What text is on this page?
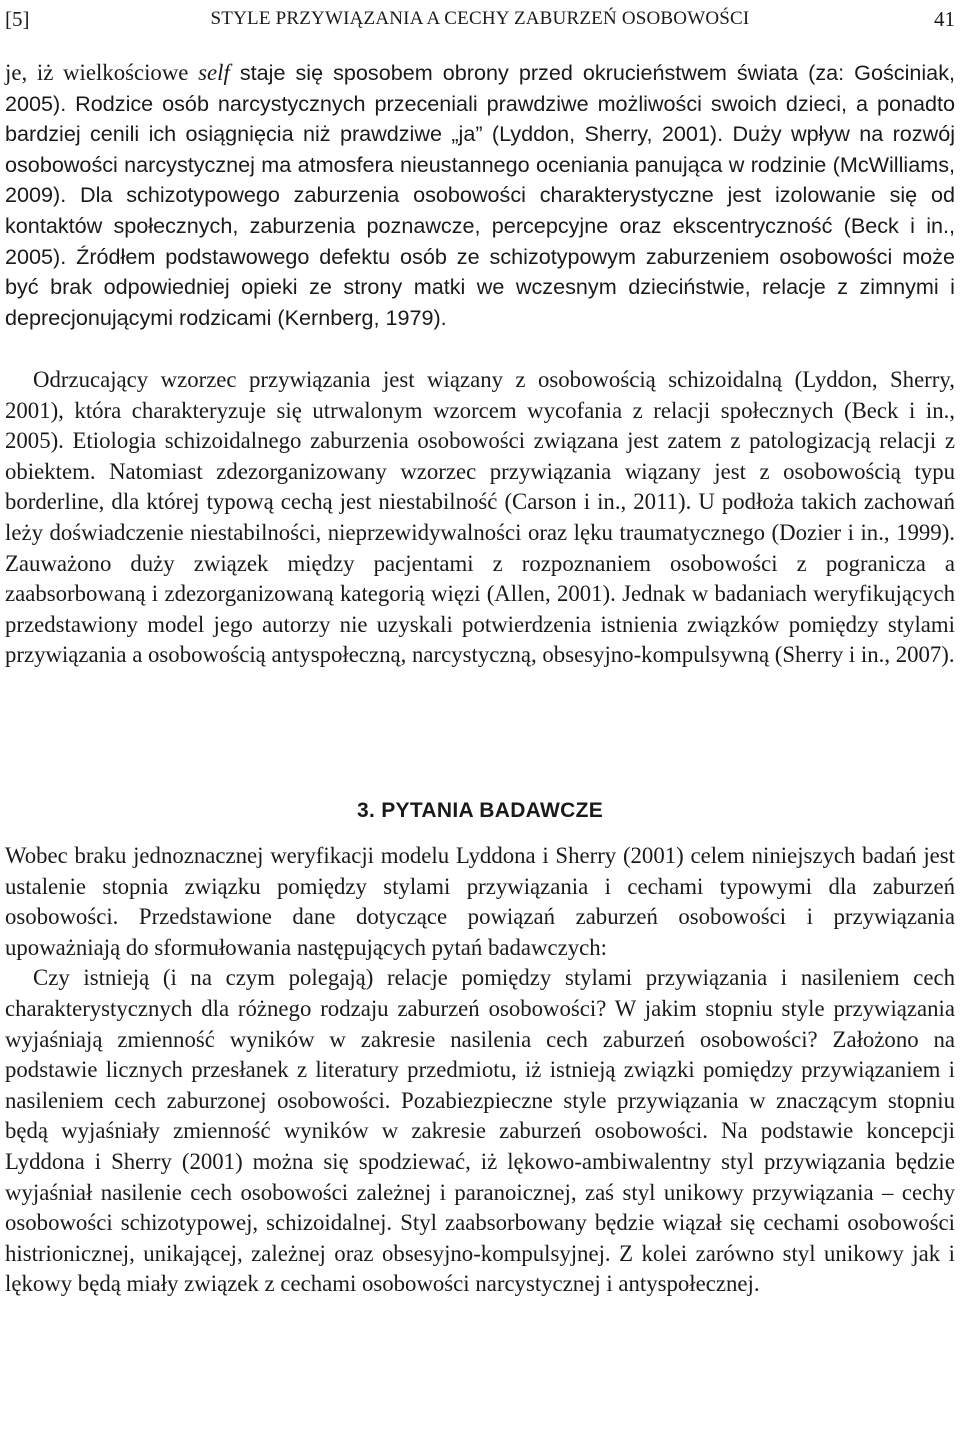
[5]	STYLE PRZYWIĄZANIA A CECHY ZABURZEŃ OSOBOWOŚCI	41

je, iż wielkościowe self staje się sposobem obrony przed okrucieństwem świata (za: Gościniak, 2005). Rodzice osób narcystycznych przeceniali prawdziwe możliwości swoich dzieci, a ponadto bardziej cenili ich osiągnięcia niż prawdziwe „ja” (Lyddon, Sherry, 2001). Duży wpływ na rozwój osobowości narcystycznej ma atmosfera nieustannego oceniania panująca w rodzinie (McWilliams, 2009). Dla schizotypowego zaburzenia osobowości charakterystyczne jest izolowanie się od kontaktów społecznych, zaburzenia poznawcze, percepcyjne oraz ekscentryczność (Beck i in., 2005). Źródłem podstawowego defektu osób ze schizotypowym zaburzeniem osobowości może być brak odpowiedniej opieki ze strony matki we wczesnym dzieciństwie, relacje z zimnymi i deprecjonującymi rodzicami (Kernberg, 1979).

Odrzucający wzorzec przywiązania jest wiązany z osobowością schizoidalną (Lyddon, Sherry, 2001), która charakteryzuje się utrwalonym wzorcem wycofania z relacji społecznych (Beck i in., 2005). Etiologia schizoidalnego zaburzenia osobowości związana jest zatem z patologizacją relacji z obiektem. Natomiast zdezorganizowany wzorzec przywiązania wiązany jest z osobowością typu borderline, dla której typową cechą jest niestabilność (Carson i in., 2011). U podłoża takich zachowań leży doświadczenie niestabilności, nieprzewidywalności oraz lęku traumatycznego (Dozier i in., 1999). Zauważono duży związek między pacjentami z rozpoznaniem osobowości z pogranicza a zaabsorbowaną i zdezorganizowaną kategorią więzi (Allen, 2001). Jednak w badaniach weryfikujących przedstawiony model jego autorzy nie uzyskali potwierdzenia istnienia związków pomiędzy stylami przywiązania a osobowością antyspołeczną, narcystyczną, obsesyjno-kompulsywną (Sherry i in., 2007).

3. PYTANIA BADAWCZE

Wobec braku jednoznacznej weryfikacji modelu Lyddona i Sherry (2001) celem niniejszych badań jest ustalenie stopnia związku pomiędzy stylami przywiązania i cechami typowymi dla zaburzeń osobowości. Przedstawione dane dotyczące powiązań zaburzeń osobowości i przywiązania upoważniają do sformułowania następujących pytań badawczych:

Czy istnieją (i na czym polegają) relacje pomiędzy stylami przywiązania i nasileniem cech charakterystycznych dla różnego rodzaju zaburzeń osobowości? W jakim stopniu style przywiązania wyjaśniają zmienność wyników w zakresie nasilenia cech zaburzeń osobowości? Założono na podstawie licznych przesłanek z literatury przedmiotu, iż istnieją związki pomiędzy przywiązaniem i nasileniem cech zaburzonej osobowości. Pozabiezpieczne style przywiązania w znaczącym stopniu będą wyjaśniały zmienność wyników w zakresie zaburzeń osobowości. Na podstawie koncepcji Lyddona i Sherry (2001) można się spodziewać, iż lękowo-ambiwalentny styl przywiązania będzie wyjaśniał nasilenie cech osobowości zależnej i paranoicznej, zaś styl unikowy przywiązania – cechy osobowości schizotypowej, schizoidalnej. Styl zaabsorbowany będzie wiązał się cechami osobowości histrionicznej, unikającej, zależnej oraz obsesyjno-kompulsyjnej. Z kolei zarówno styl unikowy jak i lękowy będą miały związek z cechami osobowości narcystycznej i antyspołecznej.
